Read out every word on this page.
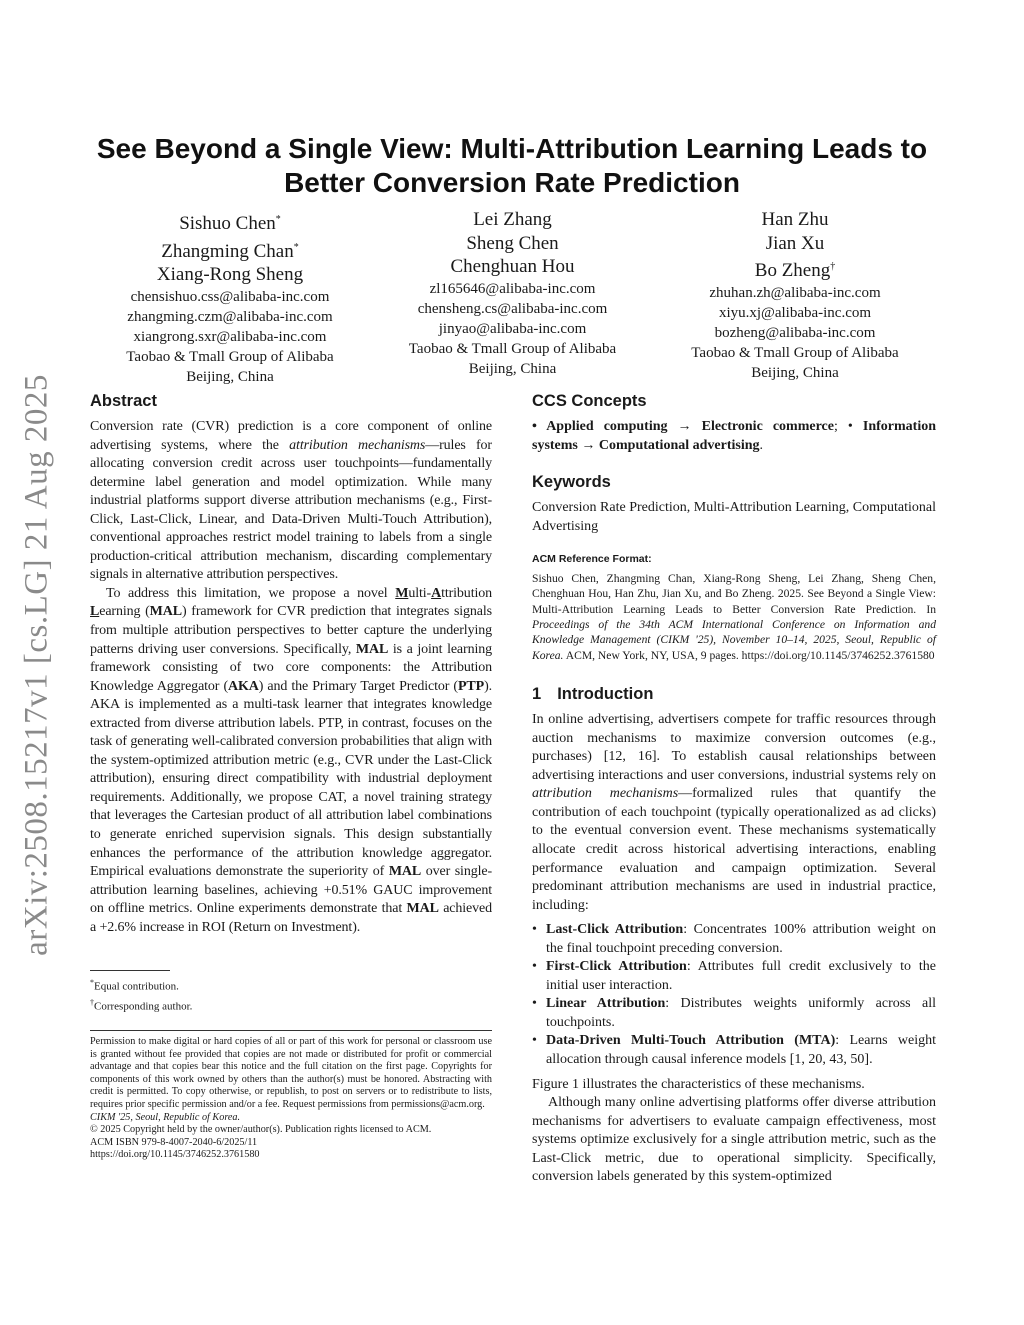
arXiv:2508.15217v1 [cs.LG] 21 Aug 2025
See Beyond a Single View: Multi-Attribution Learning Leads to Better Conversion Rate Prediction
Sishuo Chen*
Zhangming Chan*
Xiang-Rong Sheng
chensishuo.css@alibaba-inc.com
zhangming.czm@alibaba-inc.com
xiangrong.sxr@alibaba-inc.com
Taobao & Tmall Group of Alibaba
Beijing, China
Lei Zhang
Sheng Chen
Chenghuan Hou
zl165646@alibaba-inc.com
chensheng.cs@alibaba-inc.com
jinyao@alibaba-inc.com
Taobao & Tmall Group of Alibaba
Beijing, China
Han Zhu
Jian Xu
Bo Zheng†
zhuhan.zh@alibaba-inc.com
xiyu.xj@alibaba-inc.com
bozheng@alibaba-inc.com
Taobao & Tmall Group of Alibaba
Beijing, China
Abstract

Conversion rate (CVR) prediction is a core component of online advertising systems, where the attribution mechanisms—rules for allocating conversion credit across user touchpoints—fundamentally determine label generation and model optimization. While many industrial platforms support diverse attribution mechanisms (e.g., First-Click, Last-Click, Linear, and Data-Driven Multi-Touch Attribution), conventional approaches restrict model training to labels from a single production-critical attribution mechanism, discarding complementary signals in alternative attribution perspectives.

To address this limitation, we propose a novel Multi-Attribution Learning (MAL) framework for CVR prediction that integrates signals from multiple attribution perspectives to better capture the underlying patterns driving user conversions. Specifically, MAL is a joint learning framework consisting of two core components: the Attribution Knowledge Aggregator (AKA) and the Primary Target Predictor (PTP). AKA is implemented as a multi-task learner that integrates knowledge extracted from diverse attribution labels. PTP, in contrast, focuses on the task of generating well-calibrated conversion probabilities that align with the system-optimized attribution metric (e.g., CVR under the Last-Click attribution), ensuring direct compatibility with industrial deployment requirements. Additionally, we propose CAT, a novel training strategy that leverages the Cartesian product of all attribution label combinations to generate enriched supervision signals. This design substantially enhances the performance of the attribution knowledge aggregator. Empirical evaluations demonstrate the superiority of MAL over single-attribution learning baselines, achieving +0.51% GAUC improvement on offline metrics. Online experiments demonstrate that MAL achieved a +2.6% increase in ROI (Return on Investment).

*Equal contribution.
†Corresponding author.

Permission to make digital or hard copies of all or part of this work for personal or classroom use is granted without fee provided that copies are not made or distributed for profit or commercial advantage and that copies bear this notice and the full citation on the first page. Copyrights for components of this work owned by others than the author(s) must be honored. Abstracting with credit is permitted. To copy otherwise, or republish, to post on servers or to redistribute to lists, requires prior specific permission and/or a fee. Request permissions from permissions@acm.org.

CIKM '25, Seoul, Republic of Korea.

© 2025 Copyright held by the owner/author(s). Publication rights licensed to ACM.

ACM ISBN 979-8-4007-2040-6/2025/11

https://doi.org/10.1145/3746252.3761580

CCS Concepts

• Applied computing → Electronic commerce; • Information systems → Computational advertising.

Keywords

Conversion Rate Prediction, Multi-Attribution Learning, Computational Advertising

ACM Reference Format:

Sishuo Chen, Zhangming Chan, Xiang-Rong Sheng, Lei Zhang, Sheng Chen, Chenghuan Hou, Han Zhu, Jian Xu, and Bo Zheng. 2025. See Beyond a Single View: Multi-Attribution Learning Leads to Better Conversion Rate Prediction. In Proceedings of the 34th ACM International Conference on Information and Knowledge Management (CIKM '25), November 10–14, 2025, Seoul, Republic of Korea. ACM, New York, NY, USA, 9 pages. https://doi.org/10.1145/3746252.3761580

1 Introduction

In online advertising, advertisers compete for traffic resources through auction mechanisms to maximize conversion outcomes (e.g., purchases) [12, 16]. To establish causal relationships between advertising interactions and user conversions, industrial systems rely on attribution mechanisms—formalized rules that quantify the contribution of each touchpoint (typically operationalized as ad clicks) to the eventual conversion event. These mechanisms systematically allocate credit across historical advertising interactions, enabling performance evaluation and campaign optimization. Several predominant attribution mechanisms are used in industrial practice, including:

• Last-Click Attribution: Concentrates 100% attribution weight on the final touchpoint preceding conversion.
• First-Click Attribution: Attributes full credit exclusively to the initial user interaction.
• Linear Attribution: Distributes weights uniformly across all touchpoints.
• Data-Driven Multi-Touch Attribution (MTA): Learns weight allocation through causal inference models [1, 20, 43, 50].

Figure 1 illustrates the characteristics of these mechanisms.

Although many online advertising platforms offer diverse attribution mechanisms for advertisers to evaluate campaign effectiveness, most systems optimize exclusively for a single attribution metric, such as the Last-Click metric, due to operational simplicity. Specifically, conversion labels generated by this system-optimized
